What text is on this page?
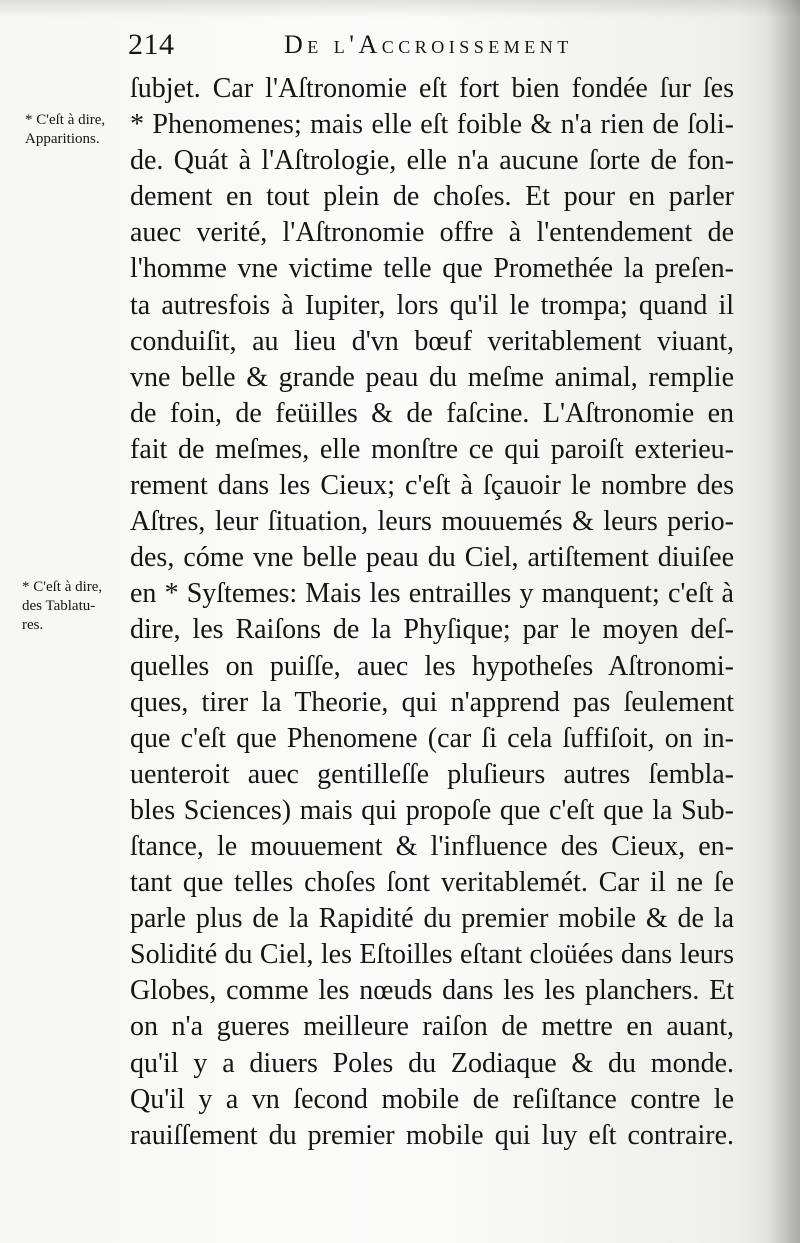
214	De l'Accroissement
* C'eſt à dire,
Apparitions.
* C'eſt à dire,
des Tablatu-
res.
ſubjet. Car l'Aſtronomie eſt fort bien fondée ſur ſes
* Phenomenes; mais elle eſt foible & n'a rien de ſoli-
de. Quát à l'Aſtrologie, elle n'a aucune ſorte de fon-
dement en tout plein de choſes. Et pour en parler
auec verité, l'Aſtronomie offre à l'entendement de
l'homme vne victime telle que Promethée la preſen-
ta autresfois à Iupiter, lors qu'il le trompa; quand il
conduiſit, au lieu d'vn bœuf veritablement viuant,
vne belle & grande peau du meſme animal, remplie
de foin, de feüilles & de faſcine. L'Aſtronomie en
fait de meſmes, elle monſtre ce qui paroiſt exterieu-
rement dans les Cieux; c'eſt à ſçauoir le nombre des
Aſtres, leur ſituation, leurs mouuemés & leurs perio-
des, cóme vne belle peau du Ciel, artiſtement diuiſee
en * Syſtemes: Mais les entrailles y manquent; c'eſt à
dire, les Raiſons de la Phyſique; par le moyen deſ-
quelles on puiſſe, auec les hypotheſes Aſtronomi-
ques, tirer la Theorie, qui n'apprend pas ſeulement
que c'eſt que Phenomene (car ſi cela ſuffiſoit, on in-
uenteroit auec gentilleſſe pluſieurs autres ſembla-
bles Sciences) mais qui propoſe que c'eſt que la Sub-
ſtance, le mouuement & l'influence des Cieux, en-
tant que telles choſes ſont veritablemét. Car il ne ſe
parle plus de la Rapidité du premier mobile & de la
Solidité du Ciel, les Eſtoilles eſtant cloüées dans leurs
Globes, comme les nœuds dans les les planchers. Et
on n'a gueres meilleure raiſon de mettre en auant,
qu'il y a diuers Poles du Zodiaque & du monde.
Qu'il y a vn ſecond mobile de reſiſtance contre le
rauiſſement du premier mobile qui luy eſt contraire.
